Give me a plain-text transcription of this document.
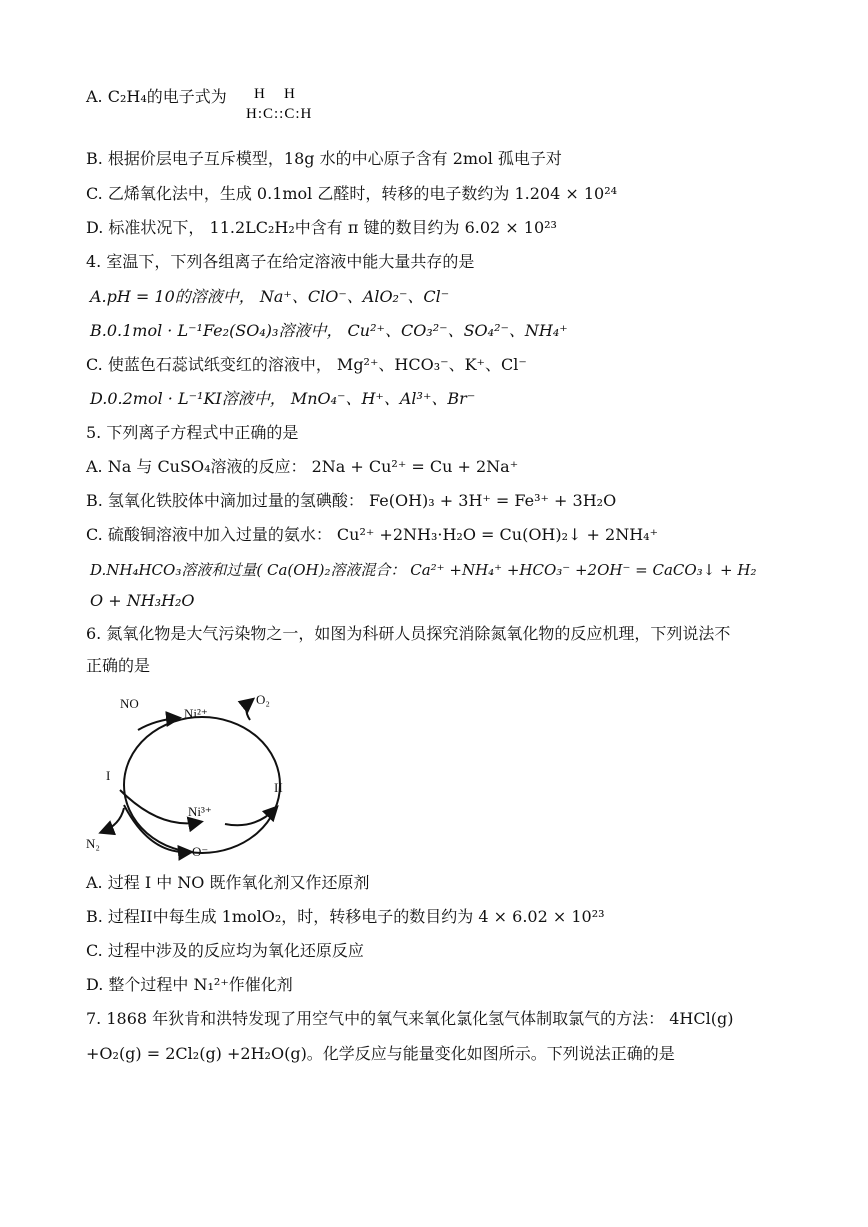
A. C₂H₄的电子式为 H H
H:C::C:H
B. 根据价层电子互斥模型，18g 水的中心原子含有 2mol 孤电子对
C. 乙烯氧化法中，生成 0.1mol 乙醛时，转移的电子数约为 1.204 × 10²⁴
D. 标准状况下， 11.2LC₂H₂中含有 π 键的数目约为 6.02 × 10²³
4. 室温下，下列各组离子在给定溶液中能大量共存的是
A.pH = 10的溶液中， Na⁺、ClO⁻、AlO₂⁻、Cl⁻
B.0.1mol · L⁻¹Fe₂(SO₄)₃溶液中， Cu²⁺、CO₃²⁻、SO₄²⁻、NH₄⁺
C. 使蓝色石蕊试纸变红的溶液中， Mg²⁺、HCO₃⁻、K⁺、Cl⁻
D.0.2mol · L⁻¹KI溶液中， MnO₄⁻、H⁺、Al³⁺、Br⁻
5. 下列离子方程式中正确的是
A. Na 与 CuSO₄溶液的反应： 2Na + Cu²⁺ = Cu + 2Na⁺
B. 氢氧化铁胶体中滴加过量的氢碘酸： Fe(OH)₃ + 3H⁺ = Fe³⁺ + 3H₂O
C. 硫酸铜溶液中加入过量的氨水： Cu²⁺ +2NH₃·H₂O = Cu(OH)₂↓ + 2NH₄⁺
D.NH₄HCO₃溶液和过量( Ca(OH)₂溶液混合： Ca²⁺ +NH₄⁺ +HCO₃⁻ +2OH⁻ = CaCO₃↓ + H₂
O + NH₃H₂O
6. 氮氧化物是大气污染物之一，如图为科研人员探究消除氮氧化物的反应机理，下列说法不
正确的是
NO
Ni²⁺
O₂
I
II
Ni³⁺
N₂
O⁻
A. 过程 I 中 NO 既作氧化剂又作还原剂
B. 过程II中每生成 1molO₂，时，转移电子的数目约为 4 × 6.02 × 10²³
C. 过程中涉及的反应均为氧化还原反应
D. 整个过程中 N₁²⁺作催化剂
7. 1868 年狄肯和洪特发现了用空气中的氧气来氧化氯化氢气体制取氯气的方法： 4HCl(g)
+O₂(g) = 2Cl₂(g) +2H₂O(g)。化学反应与能量变化如图所示。下列说法正确的是
